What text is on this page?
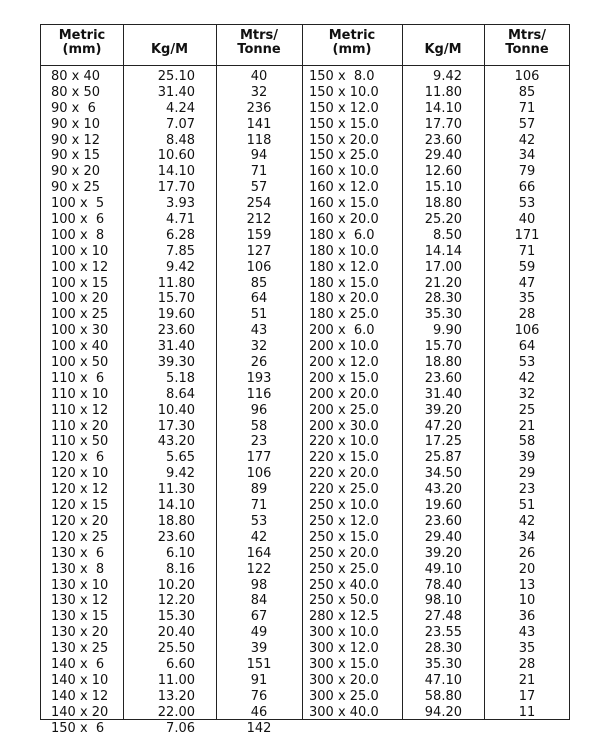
Metric
(mm)	Kg/M
Mtrs/
Tonne
Metric
(mm)	Kg/M
Mtrs/
Tonne
80 x 40
80 x 50
90 x  6
90 x 10
90 x 12
90 x 15
90 x 20
90 x 25
100 x  5
100 x  6
100 x  8
100 x 10
100 x 12
100 x 15
100 x 20
100 x 25
100 x 30
100 x 40
100 x 50
110 x  6
110 x 10
110 x 12
110 x 20
110 x 50
120 x  6
120 x 10
120 x 12
120 x 15
120 x 20
120 x 25
130 x  6
130 x  8
130 x 10
130 x 12
130 x 15
130 x 20
130 x 25
140 x  6
140 x 10
140 x 12
140 x 20
150 x  6
25.10
31.40
4.24
7.07
8.48
10.60
14.10
17.70
3.93
4.71
6.28
7.85
9.42
11.80
15.70
19.60
23.60
31.40
39.30
5.18
8.64
10.40
17.30
43.20
5.65
9.42
11.30
14.10
18.80
23.60
6.10
8.16
10.20
12.20
15.30
20.40
25.50
6.60
11.00
13.20
22.00
7.06
40
32
236
141
118
94
71
57
254
212
159
127
106
85
64
51
43
32
26
193
116
96
58
23
177
106
89
71
53
42
164
122
98
84
67
49
39
151
91
76
46
142
150 x  8.0
150 x 10.0
150 x 12.0
150 x 15.0
150 x 20.0
150 x 25.0
160 x 10.0
160 x 12.0
160 x 15.0
160 x 20.0
180 x  6.0
180 x 10.0
180 x 12.0
180 x 15.0
180 x 20.0
180 x 25.0
200 x  6.0
200 x 10.0
200 x 12.0
200 x 15.0
200 x 20.0
200 x 25.0
200 x 30.0
220 x 10.0
220 x 15.0
220 x 20.0
220 x 25.0
250 x 10.0
250 x 12.0
250 x 15.0
250 x 20.0
250 x 25.0
250 x 40.0
250 x 50.0
280 x 12.5
300 x 10.0
300 x 12.0
300 x 15.0
300 x 20.0
300 x 25.0
300 x 40.0
9.42
11.80
14.10
17.70
23.60
29.40
12.60
15.10
18.80
25.20
8.50
14.14
17.00
21.20
28.30
35.30
9.90
15.70
18.80
23.60
31.40
39.20
47.20
17.25
25.87
34.50
43.20
19.60
23.60
29.40
39.20
49.10
78.40
98.10
27.48
23.55
28.30
35.30
47.10
58.80
94.20
106
85
71
57
42
34
79
66
53
40
171
71
59
47
35
28
106
64
53
42
32
25
21
58
39
29
23
51
42
34
26
20
13
10
36
43
35
28
21
17
11
